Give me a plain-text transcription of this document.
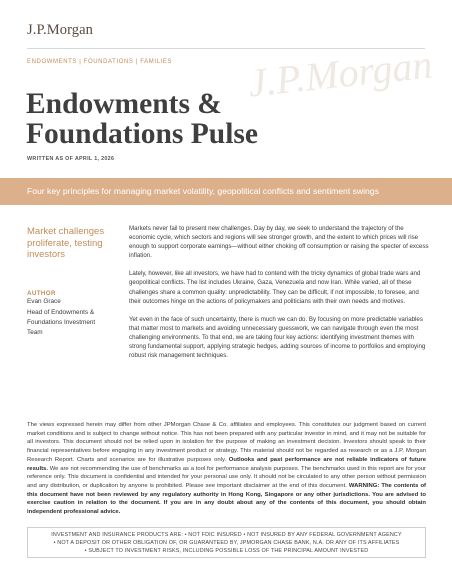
J.P.Morgan
J.P.Morgan
ENDOWMENTS | FOUNDATIONS | FAMILIES
Endowments &
Foundations Pulse
WRITTEN AS OF APRIL 1, 2026
Four key principles for managing market volatility, geopolitical conflicts and sentiment swings
Market challenges proliferate, testing investors
AUTHOR
Evan Grace
Head of Endowments & Foundations Investment Team

Markets never fail to present new challenges. Day by day, we seek to understand the trajectory of the economic cycle, which sectors and regions will see stronger growth, and the extent to which prices will rise enough to support corporate earnings—without either choking off consumption or raising the specter of excess inflation.

Lately, however, like all investors, we have had to contend with the tricky dynamics of global trade wars and geopolitical conflicts. The list includes Ukraine, Gaza, Venezuela and now Iran. While varied, all of these challenges share a common quality: unpredictability. They can be difficult, if not impossible, to foresee, and their outcomes hinge on the actions of policymakers and politicians with their own needs and motives.

Yet even in the face of such uncertainty, there is much we can do. By focusing on more predictable variables that matter most to markets and avoiding unnecessary guesswork, we can navigate through even the most challenging environments. To that end, we are taking four key actions: identifying investment themes with strong fundamental support, applying strategic hedges, adding sources of income to portfolios and employing robust risk management techniques.

The views expressed herein may differ from other JPMorgan Chase & Co. affiliates and employees. This constitutes our judgment based on current market conditions and is subject to change without notice. This has not been prepared with any particular investor in mind, and it may not be suitable for all investors. This document should not be relied upon in isolation for the purpose of making an investment decision. Investors should speak to their financial representatives before engaging in any investment product or strategy. This material should not be regarded as research or as a J.P. Morgan Research Report. Charts and scenarios are for illustrative purposes only. Outlooks and past performance are not reliable indicators of future results. We are not recommending the use of benchmarks as a tool for performance analysis purposes. The benchmarks used in this report are for your reference only. This document is confidential and intended for your personal use only. It should not be circulated to any other person without permission and any distribution, or duplication by anyone is prohibited. Please see important disclaimer at the end of this document. WARNING: The contents of this document have not been reviewed by any regulatory authority in Hong Kong, Singapore or any other jurisdictions. You are advised to exercise caution in relation to the document. If you are in any doubt about any of the contents of this document, you should obtain independent professional advice.
INVESTMENT AND INSURANCE PRODUCTS ARE: • NOT FDIC INSURED • NOT INSURED BY ANY FEDERAL GOVERNMENT AGENCY
• NOT A DEPOSIT OR OTHER OBLIGATION OF, OR GUARANTEED BY, JPMORGAN CHASE BANK, N.A. OR ANY OF ITS AFFILIATES
• SUBJECT TO INVESTMENT RISKS, INCLUDING POSSIBLE LOSS OF THE PRINCIPAL AMOUNT INVESTED
